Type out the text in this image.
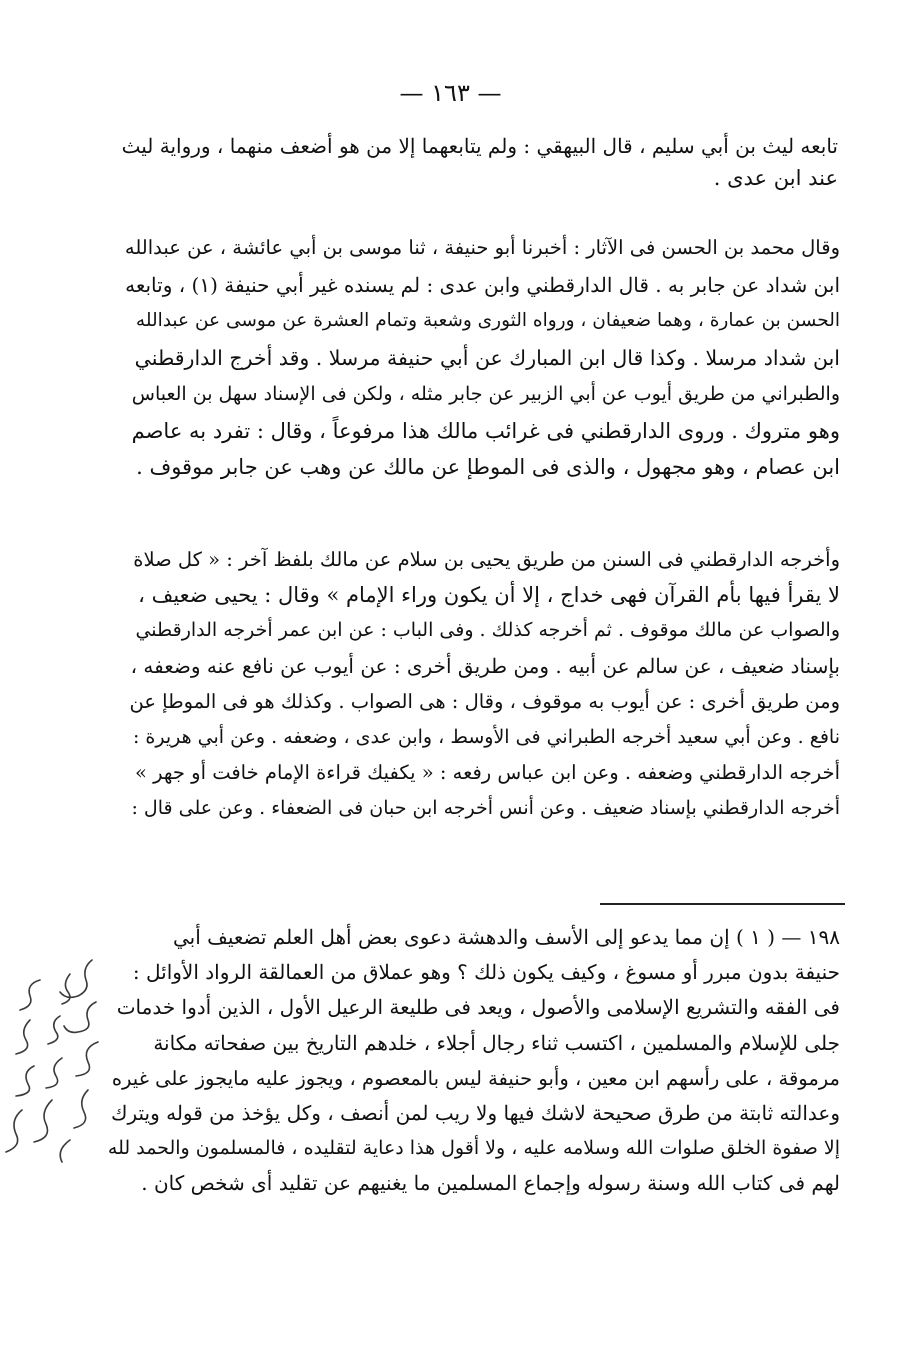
— ١٦٣ —
تابعه ليث بن أبي سليم ، قال البيهقي : ولم يتابعهما إلا من هو أضعف منهما ، ورواية ليث
عند ابن عدى .
وقال محمد بن الحسن فى الآثار : أخبرنا أبو حنيفة ، ثنا موسى بن أبي عائشة ، عن عبدالله
ابن شداد عن جابر به . قال الدارقطني وابن عدى : لم يسنده غير أبي حنيفة (١) ، وتابعه
الحسن بن عمارة ، وهما ضعيفان ، ورواه الثورى وشعبة وتمام العشرة عن موسى عن عبدالله
ابن شداد مرسلا . وكذا قال ابن المبارك عن أبي حنيفة مرسلا . وقد أخرج الدارقطني
والطبراني من طريق أيوب عن أبي الزبير عن جابر مثله ، ولكن فى الإسناد سهل بن العباس
وهو متروك . وروى الدارقطني فى غرائب مالك هذا مرفوعاً ، وقال : تفرد به عاصم
ابن عصام ، وهو مجهول ، والذى فى الموطإ عن مالك عن وهب عن جابر موقوف .
وأخرجه الدارقطني فى السنن من طريق يحيى بن سلام عن مالك بلفظ آخر : « كل صلاة
لا يقرأ فيها بأم القرآن فهى خداج ، إلا أن يكون وراء الإمام » وقال : يحيى ضعيف ،
والصواب عن مالك موقوف . ثم أخرجه كذلك . وفى الباب : عن ابن عمر أخرجه الدارقطني
بإسناد ضعيف ، عن سالم عن أبيه . ومن طريق أخرى : عن أيوب عن نافع عنه وضعفه ،
ومن طريق أخرى : عن أيوب به موقوف ، وقال : هى الصواب . وكذلك هو فى الموطإ عن
نافع . وعن أبي سعيد أخرجه الطبراني فى الأوسط ، وابن عدى ، وضعفه . وعن أبي هريرة :
أخرجه الدارقطني وضعفه . وعن ابن عباس رفعه : « يكفيك قراءة الإمام خافت أو جهر »
أخرجه الدارقطني بإسناد ضعيف . وعن أنس أخرجه ابن حبان فى الضعفاء . وعن على قال :
١٩٨ — ( ١ ) إن مما يدعو إلى الأسف والدهشة دعوى بعض أهل العلم تضعيف أبي
حنيفة بدون مبرر أو مسوغ ، وكيف يكون ذلك ؟ وهو عملاق من العمالقة الرواد الأوائل :
فى الفقه والتشريع الإسلامى والأصول ، ويعد فى طليعة الرعيل الأول ، الذين أدوا خدمات
جلى للإسلام والمسلمين ، اكتسب ثناء رجال أجلاء ، خلدهم التاريخ بين صفحاته مكانة
مرموقة ، على رأسهم ابن معين ، وأبو حنيفة ليس بالمعصوم ، ويجوز عليه مايجوز على غيره
وعدالته ثابتة من طرق صحيحة لاشك فيها ولا ريب لمن أنصف ، وكل يؤخذ من قوله ويترك
إلا صفوة الخلق صلوات الله وسلامه عليه ، ولا أقول هذا دعاية لتقليده ، فالمسلمون والحمد لله
لهم فى كتاب الله وسنة رسوله وإجماع المسلمين ما يغنيهم عن تقليد أى شخص كان .
